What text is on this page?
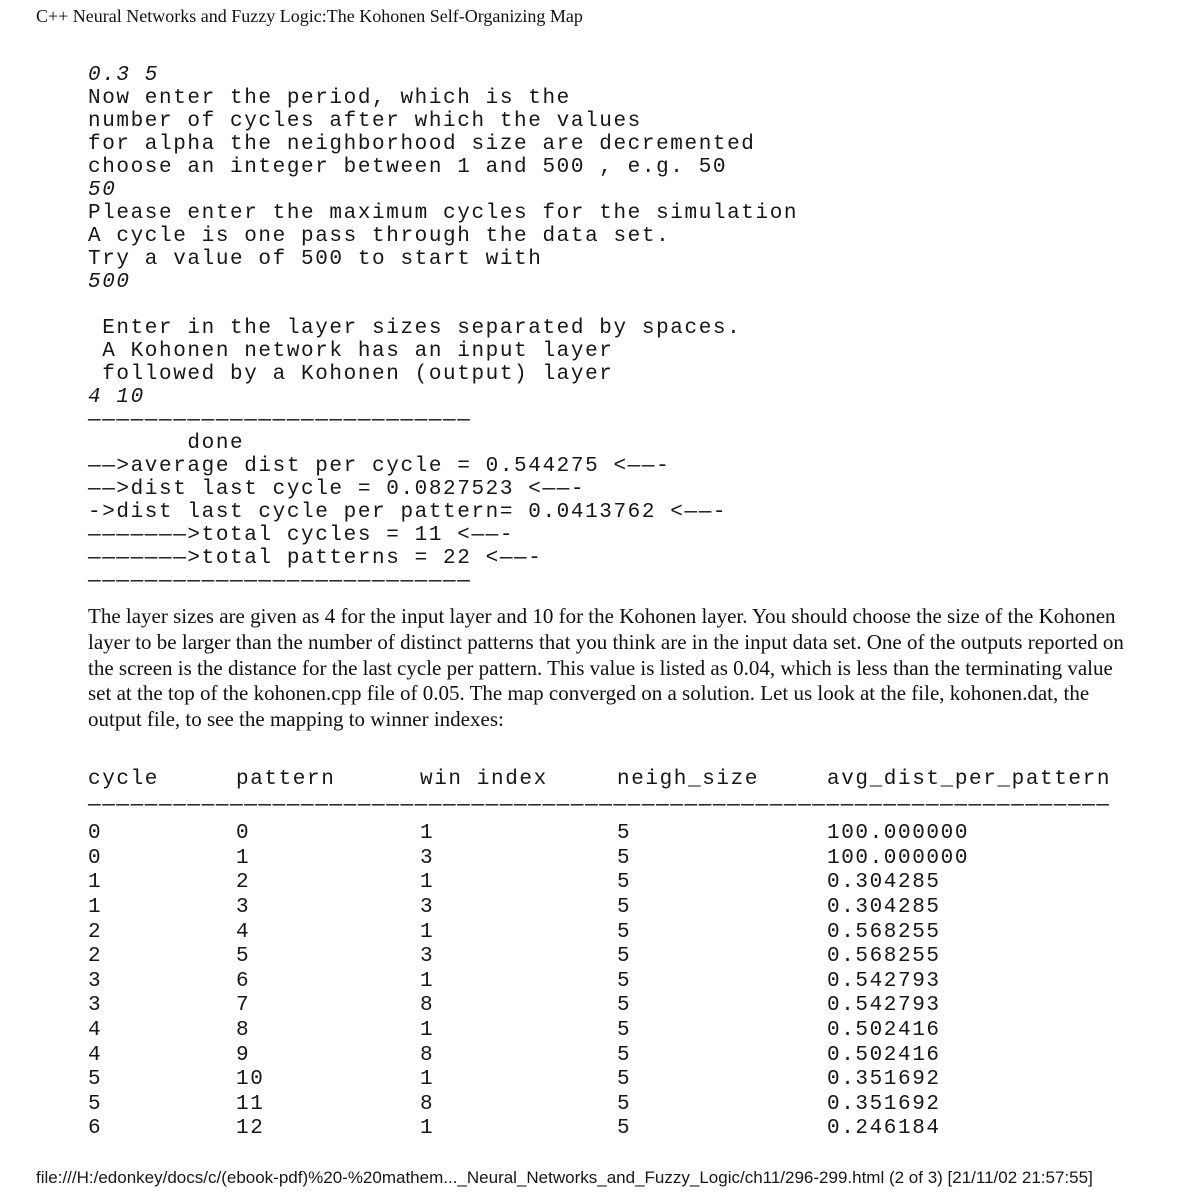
C++ Neural Networks and Fuzzy Logic:The Kohonen Self-Organizing Map
0.3 5
Now enter the period, which is the
number of cycles after which the values
for alpha the neighborhood size are decremented
choose an integer between 1 and 500 , e.g. 50
50
Please enter the maximum cycles for the simulation
A cycle is one pass through the data set.
Try a value of 500 to start with
500

Enter in the layer sizes separated by spaces.
A Kohonen network has an input layer
followed by a Kohonen (output) layer
4 10
———————————————————————————
done
——>average dist per cycle = 0.544275 <——-
——>dist last cycle = 0.0827523 <——-
->dist last cycle per pattern= 0.0413762 <——-
———————>total cycles = 11 <——-
———————>total patterns = 22 <——-
———————————————————————————

The layer sizes are given as 4 for the input layer and 10 for the Kohonen layer. You should choose the size of the Kohonen layer to be larger than the number of distinct patterns that you think are in the input data set. One of the outputs reported on the screen is the distance for the last cycle per pattern. This value is listed as 0.04, which is less than the terminating value set at the top of the kohonen.cpp file of 0.05. The map converged on a solution. Let us look at the file, kohonen.dat, the output file, to see the mapping to winner indexes:

cycle	pattern	win index	neigh_size	avg_dist_per_pattern
————————————————————————————————————————————————————————————————————————
0	0	1	5	100.000000
0	1	3	5	100.000000
1	2	1	5	0.304285
1	3	3	5	0.304285
2	4	1	5	0.568255
2	5	3	5	0.568255
3	6	1	5	0.542793
3	7	8	5	0.542793
4	8	1	5	0.502416
4	9	8	5	0.502416
5	10	1	5	0.351692
5	11	8	5	0.351692
6	12	1	5	0.246184
file:///H:/edonkey/docs/c/(ebook-pdf)%20-%20mathem..._Neural_Networks_and_Fuzzy_Logic/ch11/296-299.html (2 of 3) [21/11/02 21:57:55]
